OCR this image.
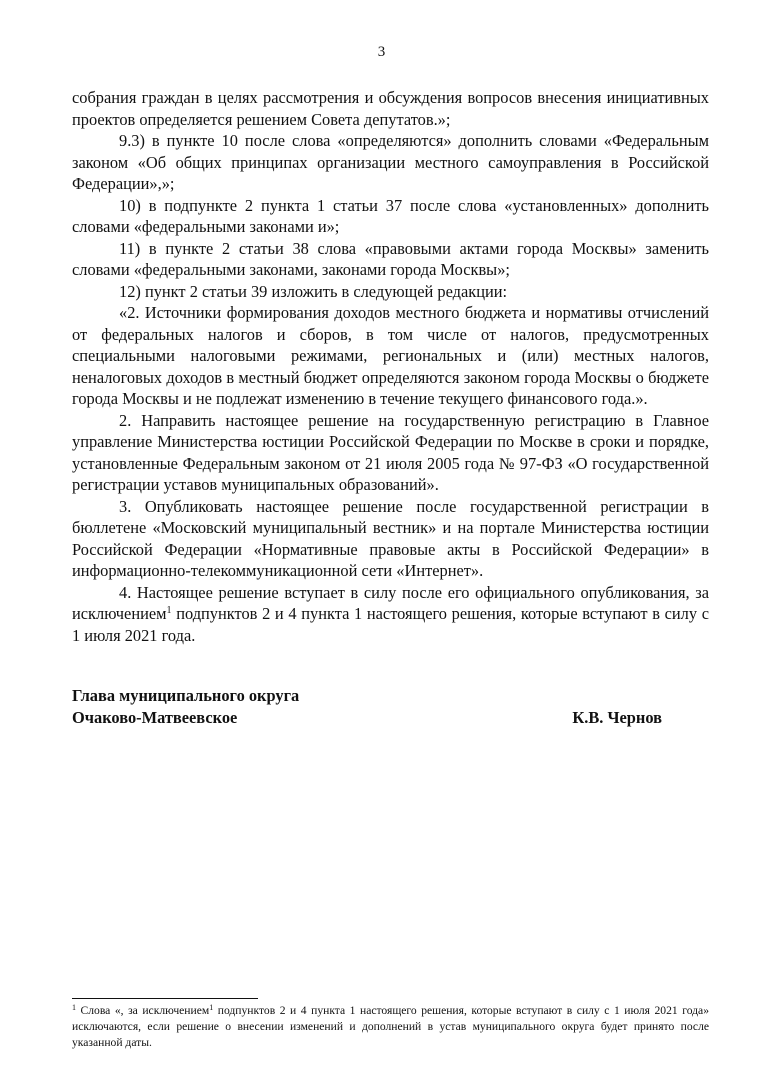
3

собрания граждан в целях рассмотрения и обсуждения вопросов внесения инициативных проектов определяется решением Совета депутатов.»;

9.3) в пункте 10 после слова «определяются» дополнить словами «Федеральным законом «Об общих принципах организации местного самоуправления в Российской Федерации»,»;

10) в подпункте 2 пункта 1 статьи 37 после слова «установленных» дополнить словами «федеральными законами и»;

11) в пункте 2 статьи 38 слова «правовыми актами города Москвы» заменить словами «федеральными законами, законами города Москвы»;

12) пункт 2 статьи 39 изложить в следующей редакции:

«2. Источники формирования доходов местного бюджета и нормативы отчислений от федеральных налогов и сборов, в том числе от налогов, предусмотренных специальными налоговыми режимами, региональных и (или) местных налогов, неналоговых доходов в местный бюджет определяются законом города Москвы о бюджете города Москвы и не подлежат изменению в течение текущего финансового года.».

2. Направить настоящее решение на государственную регистрацию в Главное управление Министерства юстиции Российской Федерации по Москве в сроки и порядке, установленные Федеральным законом от 21 июля 2005 года № 97-ФЗ «О государственной регистрации уставов муниципальных образований».

3. Опубликовать настоящее решение после государственной регистрации в бюллетене «Московский муниципальный вестник» и на портале Министерства юстиции Российской Федерации «Нормативные правовые акты в Российской Федерации» в информационно-телекоммуникационной сети «Интернет».

4. Настоящее решение вступает в силу после его официального опубликования, за исключением$^1$ подпунктов 2 и 4 пункта 1 настоящего решения, которые вступают в силу с 1 июля 2021 года.

Глава муниципального округа
Очаково-Матвеевское	К.В. Чернов
$^1$ Слова «, за исключением$^1$ подпунктов 2 и 4 пункта 1 настоящего решения, которые вступают в силу с 1 июля 2021 года» исключаются, если решение о внесении изменений и дополнений в устав муниципального округа будет принято после указанной даты.
